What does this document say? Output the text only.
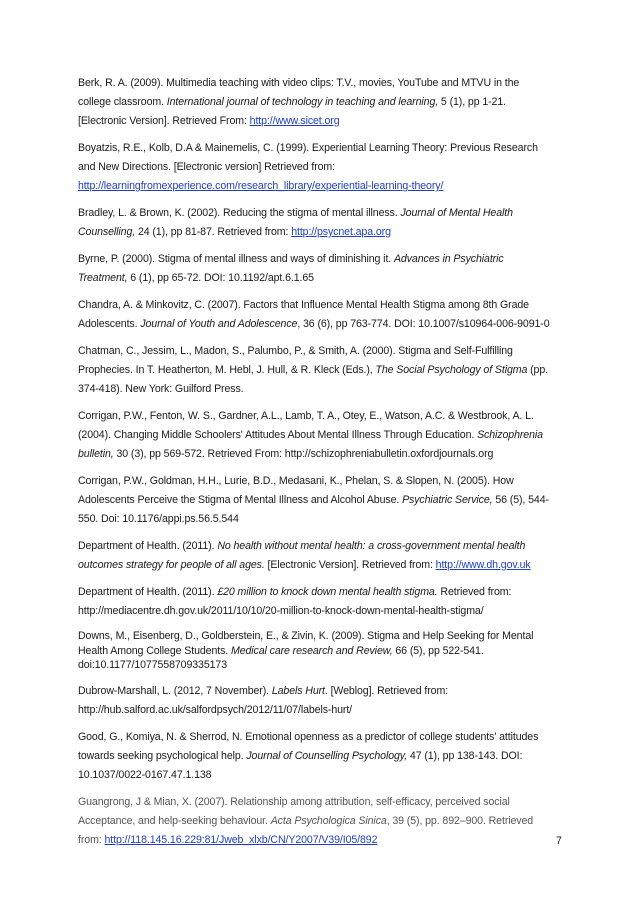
Berk, R. A. (2009). Multimedia teaching with video clips: T.V., movies, YouTube and MTVU in the
college classroom. International journal of technology in teaching and learning, 5 (1), pp 1-21.
[Electronic Version]. Retrieved From: http://www.sicet.org
Boyatzis, R.E., Kolb, D.A & Mainemelis, C. (1999). Experiential Learning Theory: Previous Research
and New Directions. [Electronic version] Retrieved from:
http://learningfromexperience.com/research_library/experiential-learning-theory/
Bradley, L. & Brown, K. (2002). Reducing the stigma of mental illness. Journal of Mental Health
Counselling, 24 (1), pp 81-87. Retrieved from: http://psycnet.apa.org
Byrne, P. (2000). Stigma of mental illness and ways of diminishing it. Advances in Psychiatric
Treatment, 6 (1), pp 65-72. DOI: 10.1192/apt.6.1.65
Chandra, A. & Minkovitz, C. (2007). Factors that Influence Mental Health Stigma among 8th Grade
Adolescents. Journal of Youth and Adolescence, 36 (6), pp 763-774. DOI: 10.1007/s10964-006-9091-0
Chatman, C., Jessim, L., Madon, S., Palumbo, P., & Smith, A. (2000). Stigma and Self-Fulfilling
Prophecies. In T. Heatherton, M. Hebl, J. Hull, & R. Kleck (Eds.), The Social Psychology of Stigma (pp.
374-418). New York: Guilford Press.
Corrigan, P.W., Fenton, W. S., Gardner, A.L., Lamb, T. A., Otey, E., Watson, A.C. & Westbrook, A. L.
(2004). Changing Middle Schoolers' Attitudes About Mental Illness Through Education. Schizophrenia
bulletin, 30 (3), pp 569-572. Retrieved From: http://schizophreniabulletin.oxfordjournals.org
Corrigan, P.W., Goldman, H.H., Lurie, B.D., Medasani, K., Phelan, S. & Slopen, N. (2005). How
Adolescents Perceive the Stigma of Mental Illness and Alcohol Abuse. Psychiatric Service, 56 (5), 544-
550. Doi: 10.1176/appi.ps.56.5.544
Department of Health. (2011). No health without mental health: a cross-government mental health
outcomes strategy for people of all ages. [Electronic Version]. Retrieved from: http://www.dh.gov.uk
Department of Health. (2011). £20 million to knock down mental health stigma. Retrieved from:
http://mediacentre.dh.gov.uk/2011/10/10/20-million-to-knock-down-mental-health-stigma/
Downs, M., Eisenberg, D., Goldberstein, E., & Zivin, K. (2009). Stigma and Help Seeking for Mental
Health Among College Students. Medical care research and Review, 66 (5), pp 522-541.
doi:10.1177/1077558709335173
Dubrow-Marshall, L. (2012, 7 November). Labels Hurt. [Weblog]. Retrieved from:
http://hub.salford.ac.uk/salfordpsych/2012/11/07/labels-hurt/
Good, G., Komiya, N. & Sherrod, N. Emotional openness as a predictor of college students' attitudes
towards seeking psychological help. Journal of Counselling Psychology, 47 (1), pp 138-143. DOI:
10.1037/0022-0167.47.1.138
Guangrong, J & Mian, X. (2007). Relationship among attribution, self-efficacy, perceived social
Acceptance, and help-seeking behaviour. Acta Psychologica Sinica, 39 (5), pp. 892–900. Retrieved
from: http://118.145.16.229:81/Jweb_xlxb/CN/Y2007/V39/I05/892	7
